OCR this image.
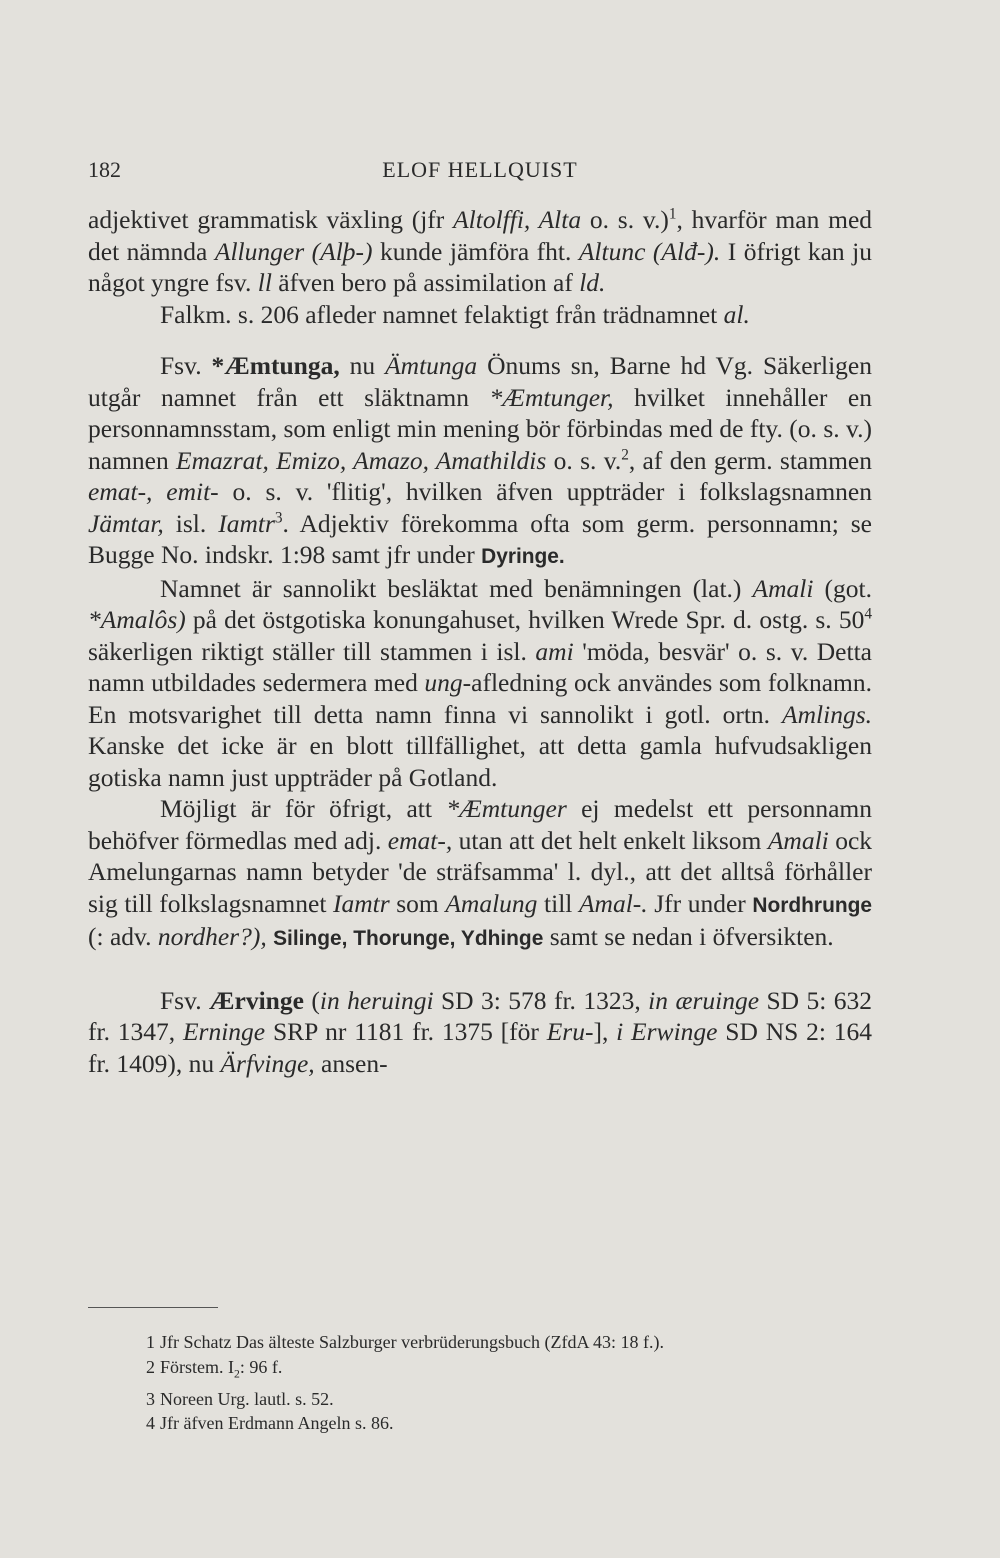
182	ELOF HELLQUIST

adjektivet grammatisk växling (jfr Altolffi, Alta o. s. v.)$^1$, hvarför man med det nämnda Allunger (Alþ-) kunde jämföra fht. Altunc (Alđ-). I öfrigt kan ju något yngre fsv. ll äfven bero på assimilation af ld.

Falkm. s. 206 afleder namnet felaktigt från trädnamnet al.

Fsv. *Æmtunga, nu Ämtunga Önums sn, Barne hd Vg. Säkerligen utgår namnet från ett släktnamn *Æmtunger, hvilket innehåller en personnamnsstam, som enligt min mening bör förbindas med de fty. (o. s. v.) namnen Emazrat, Emizo, Amazo, Amathildis o. s. v.$^2$, af den germ. stammen emat-, emit- o. s. v. 'flitig', hvilken äfven uppträder i folkslagsnamnen Jämtar, isl. Iamtr$^3$. Adjektiv förekomma ofta som germ. personnamn; se Bugge No. indskr. 1:98 samt jfr under Dyringe.

Namnet är sannolikt besläktat med benämningen (lat.) Amali (got. *Amalôs) på det östgotiska konungahuset, hvilken Wrede Spr. d. ostg. s. $50^4$ säkerligen riktigt ställer till stammen i isl. ami 'möda, besvär' o. s. v. Detta namn utbildades sedermera med ung-afledning ock användes som folknamn. En motsvarighet till detta namn finna vi sannolikt i gotl. ortn. Amlings. Kanske det icke är en blott tillfällighet, att detta gamla hufvudsakligen gotiska namn just uppträder på Gotland.

Möjligt är för öfrigt, att *Æmtunger ej medelst ett personnamn behöfver förmedlas med adj. emat-, utan att det helt enkelt liksom Amali ock Amelungarnas namn betyder 'de sträfsamma' l. dyl., att det alltså förhåller sig till folkslagsnamnet Iamtr som Amalung till Amal-. Jfr under Nordhrunge (: adv. nordher?), Silinge, Thorunge, Ydhinge samt se nedan i öfversikten.

Fsv. Ærvinge (in heruingi SD 3: 578 fr. 1323, in æruinge SD 5: 632 fr. 1347, Erninge SRP nr 1181 fr. 1375 [för Eru-], i Erwinge SD NS 2: 164 fr. 1409), nu Ärfvinge, ansen-

1 Jfr Schatz Das älteste Salzburger verbrüderungsbuch (ZfdA 43: 18 f.).
2 Förstem. $I_2$: 96 f.
3 Noreen Urg. lautl. s. 52.
4 Jfr äfven Erdmann Angeln s. 86.
